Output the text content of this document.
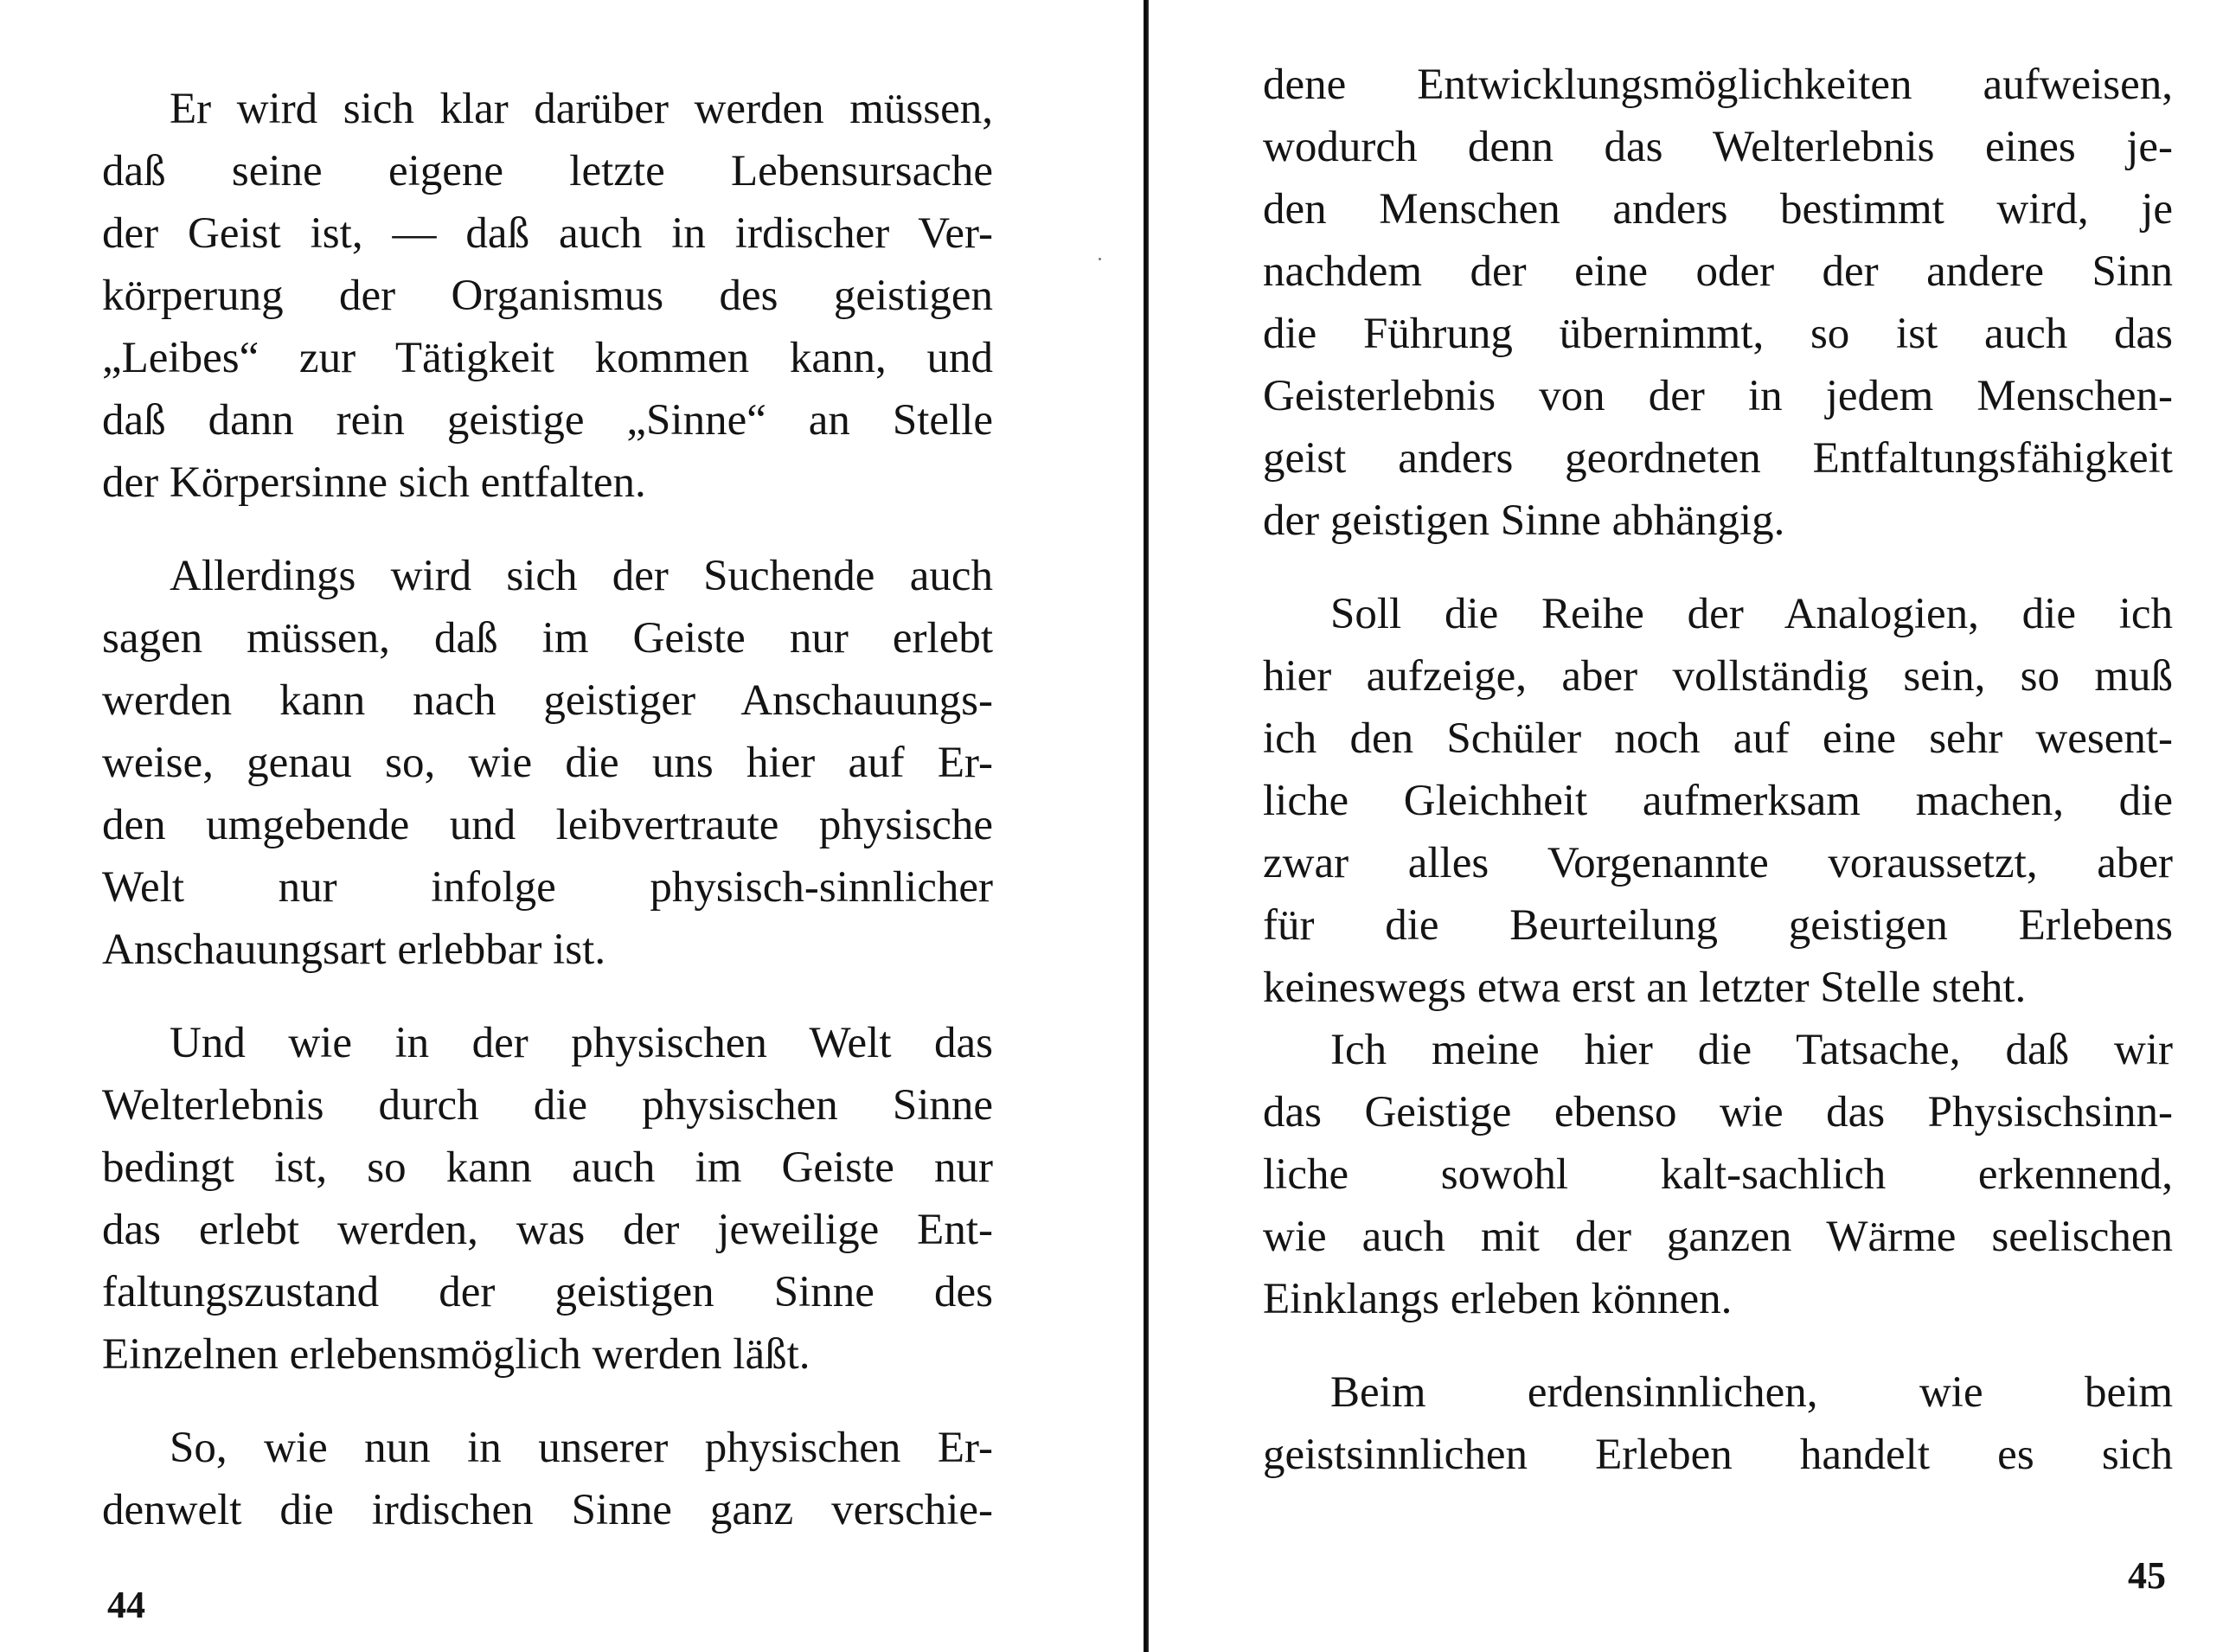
Er wird sich klar darüber werden müssen,
daß seine eigene letzte Lebensursache
der Geist ist, — daß auch in irdischer Ver-
körperung der Organismus des geistigen
„Leibes“ zur Tätigkeit kommen kann, und
daß dann rein geistige „Sinne“ an Stelle
der Körpersinne sich entfalten.
Allerdings wird sich der Suchende auch
sagen müssen, daß im Geiste nur erlebt
werden kann nach geistiger Anschauungs-
weise, genau so, wie die uns hier auf Er-
den umgebende und leibvertraute physische
Welt nur infolge physisch-sinnlicher
Anschauungsart erlebbar ist.
Und wie in der physischen Welt das
Welterlebnis durch die physischen Sinne
bedingt ist, so kann auch im Geiste nur
das erlebt werden, was der jeweilige Ent-
faltungszustand der geistigen Sinne des
Einzelnen erlebensmöglich werden läßt.
So, wie nun in unserer physischen Er-
denwelt die irdischen Sinne ganz verschie-
44
dene Entwicklungsmöglichkeiten aufweisen,
wodurch denn das Welterlebnis eines je-
den Menschen anders bestimmt wird, je
nachdem der eine oder der andere Sinn
die Führung übernimmt, so ist auch das
Geisterlebnis von der in jedem Menschen-
geist anders geordneten Entfaltungsfähigkeit
der geistigen Sinne abhängig.
Soll die Reihe der Analogien, die ich
hier aufzeige, aber vollständig sein, so muß
ich den Schüler noch auf eine sehr wesent-
liche Gleichheit aufmerksam machen, die
zwar alles Vorgenannte voraussetzt, aber
für die Beurteilung geistigen Erlebens
keineswegs etwa erst an letzter Stelle steht.
Ich meine hier die Tatsache, daß wir
das Geistige ebenso wie das Physischsinn-
liche sowohl kalt-sachlich erkennend,
wie auch mit der ganzen Wärme seelischen
Einklangs erleben können.
Beim erdensinnlichen, wie beim
geistsinnlichen Erleben handelt es sich
45
